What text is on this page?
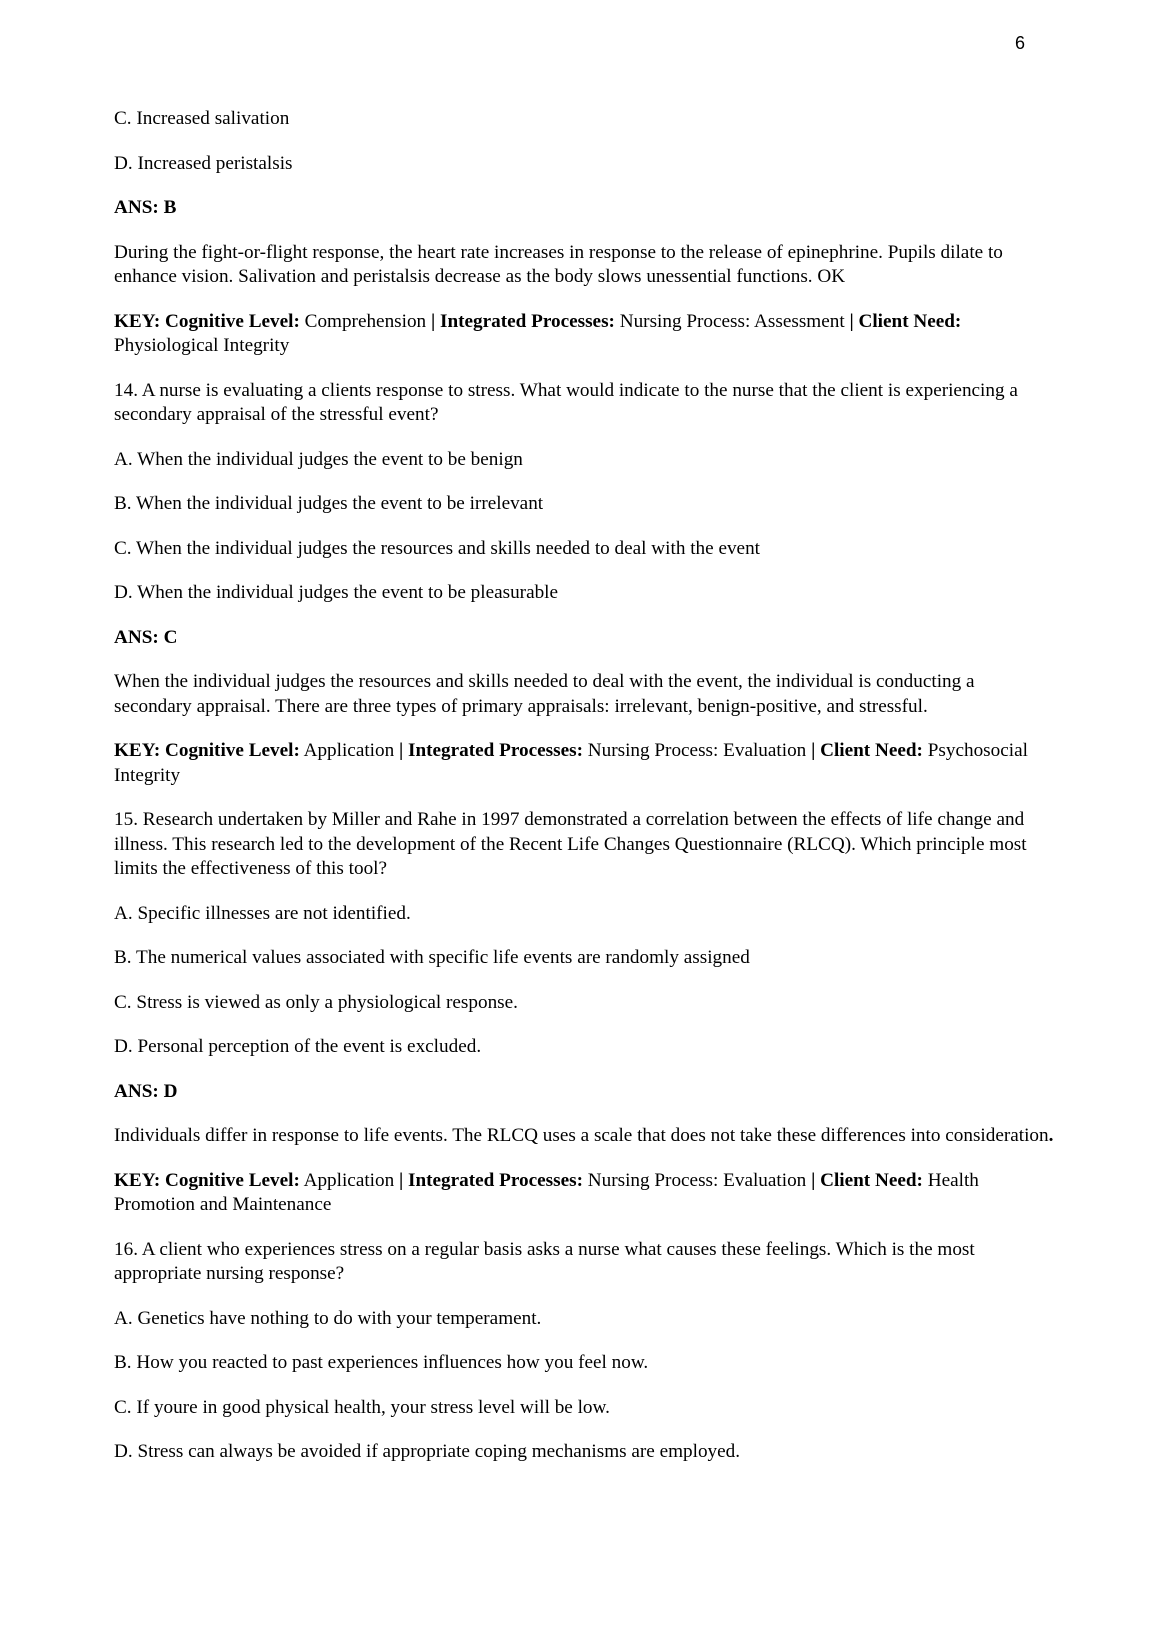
6

C. Increased salivation

D. Increased peristalsis

ANS: B

During the fight-or-flight response, the heart rate increases in response to the release of epinephrine. Pupils dilate to enhance vision. Salivation and peristalsis decrease as the body slows unessential functions. OK

KEY: Cognitive Level: Comprehension | Integrated Processes: Nursing Process: Assessment | Client Need: Physiological Integrity

14. A nurse is evaluating a clients response to stress. What would indicate to the nurse that the client is experiencing a secondary appraisal of the stressful event?

A. When the individual judges the event to be benign

B. When the individual judges the event to be irrelevant

C. When the individual judges the resources and skills needed to deal with the event

D. When the individual judges the event to be pleasurable

ANS: C

When the individual judges the resources and skills needed to deal with the event, the individual is conducting a secondary appraisal. There are three types of primary appraisals: irrelevant, benign-positive, and stressful.

KEY: Cognitive Level: Application | Integrated Processes: Nursing Process: Evaluation | Client Need: Psychosocial Integrity

15. Research undertaken by Miller and Rahe in 1997 demonstrated a correlation between the effects of life change and illness. This research led to the development of the Recent Life Changes Questionnaire (RLCQ). Which principle most limits the effectiveness of this tool?

A. Specific illnesses are not identified.

B. The numerical values associated with specific life events are randomly assigned

C. Stress is viewed as only a physiological response.

D. Personal perception of the event is excluded.

ANS: D

Individuals differ in response to life events. The RLCQ uses a scale that does not take these differences into consideration.

KEY: Cognitive Level: Application | Integrated Processes: Nursing Process: Evaluation | Client Need: Health Promotion and Maintenance

16. A client who experiences stress on a regular basis asks a nurse what causes these feelings. Which is the most appropriate nursing response?

A. Genetics have nothing to do with your temperament.

B. How you reacted to past experiences influences how you feel now.

C. If youre in good physical health, your stress level will be low.

D. Stress can always be avoided if appropriate coping mechanisms are employed.
